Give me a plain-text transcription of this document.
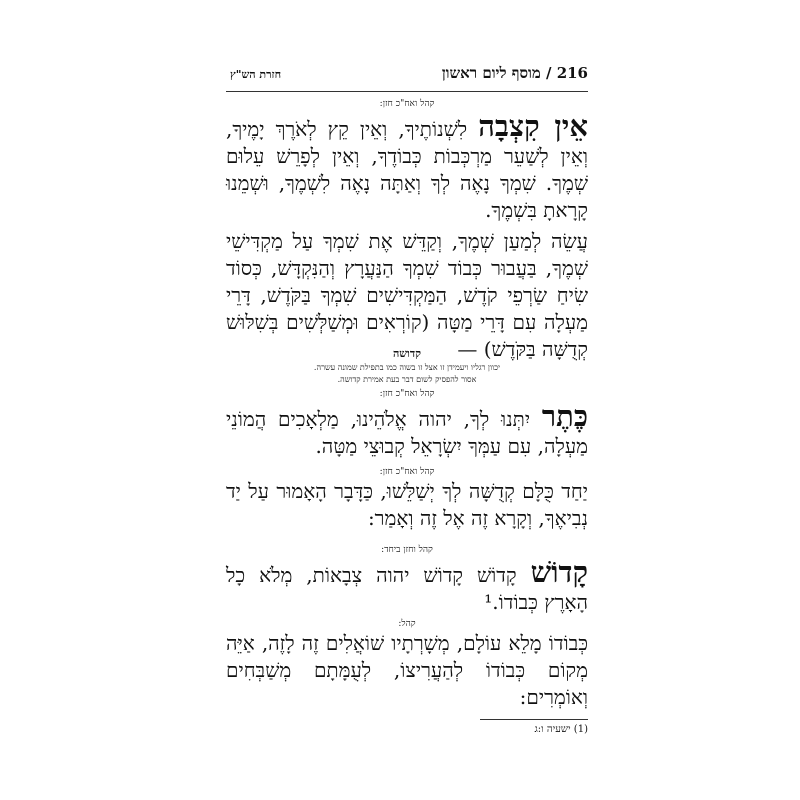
חזרת הש"ץ	216 / מוסף ליום ראשון
קהל ואח"כ חזן:

אֵין קִצְבָה לִשְׁנוֹתֶיךָ, וְאֵין קֵץ לְאֹרֶךְ יָמֶיךָ, וְאֵין לְשַׁעֵר מַרְכְּבוֹת כְּבוֹדֶךָ, וְאֵין לְפָרֵשׁ עֵלוּם שְׁמֶךָ. שִׁמְךָ נָאֶה לְךָ וְאַתָּה נָאֶה לִשְׁמֶךָ, וּשְׁמֵנוּ קָרָאתָ בִּשְׁמֶךָ.

עֲשֵׂה לְמַעַן שְׁמֶךָ, וְקַדֵּשׁ אֶת שִׁמְךָ עַל מַקְדִּישֵׁי שְׁמֶךָ, בַּעֲבוּר כְּבוֹד שִׁמְךָ הַנַּעֲרָץ וְהַנִּקְדָּשׁ, כְּסוֹד שִׂיחַ שַׂרְפֵי קֹדֶשׁ, הַמַּקְדִּישִׁים שִׁמְךָ בַּקֹּדֶשׁ, דָּרֵי מַעְלָה עִם דָּרֵי מַטָּה (קוֹרְאִים וּמְשַׁלְּשִׁים בְּשִׁלּוּשׁ קְדֻשָּׁה בַּקֹּדֶשׁ) —

קדושה
יכוון רגליו ויעמידן זו אצל זו בשוה כמו בתפילת שמונה עשרה.
אסור להפסיק לשום דבר בעת אמירת קדושה.
קהל ואח"כ חזן:

כֶּתֶר יִתְּנוּ לְךָ, יהוה אֱלֹהֵינוּ, מַלְאָכִים הֲמוֹנֵי מַעְלָה, עִם עַמְּךָ יִשְׂרָאֵל קְבוּצֵי מַטָּה.

קהל ואח"כ חזן:

יַחַד כֻּלָּם קְדֻשָּׁה לְךָ יְשַׁלֵּשׁוּ, כַּדָּבָר הָאָמוּר עַל יַד נְבִיאֶךָ, וְקָרָא זֶה אֶל זֶה וְאָמַר:

קהל וחזן ביחד:

קָדוֹשׁ קָדוֹשׁ קָדוֹשׁ יהוה צְבָאוֹת, מְלֹא כָל הָאָרֶץ כְּבוֹדוֹ.¹

קהל:

כְּבוֹדוֹ מָלֵא עוֹלָם, מְשָׁרְתָיו שׁוֹאֲלִים זֶה לָזֶה, אַיֵּה מְקוֹם כְּבוֹדוֹ לְהַעֲרִיצוֹ, לְעֻמָּתָם מְשַׁבְּחִים וְאוֹמְרִים:

(1) ישעיה ו:ג
